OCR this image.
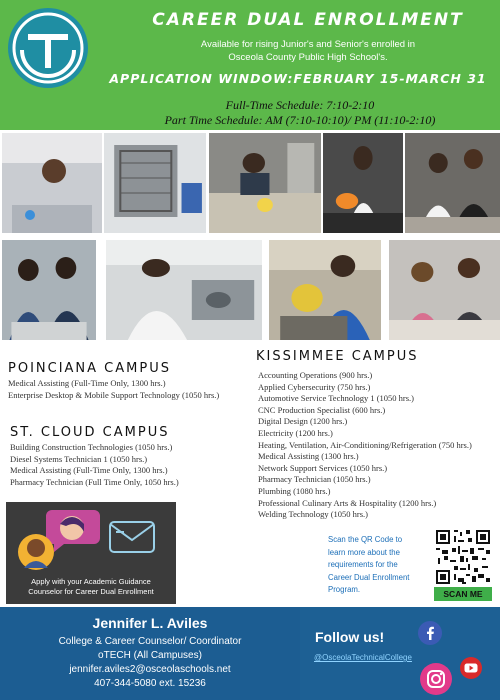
CAREER DUAL ENROLLMENT
Available for rising Junior's and Senior's enrolled in
Osceola County Public High School's.
APPLICATION WINDOW:FEBRUARY 15-MARCH 31
Full-Time Schedule: 7:10-2:10
Part Time Schedule: AM (7:10-10:10)/ PM (11:10-2:10)
POINCIANA CAMPUS
Medical Assisting (Full-Time Only, 1300 hrs.)
Enterprise Desktop & Mobile Support Technology (1050 hrs.)
ST. CLOUD CAMPUS
Building Construction Technologies (1050 hrs.)
Diesel Systems Technician 1 (1050 hrs.)
Medical Assisting (Full-Time Only, 1300 hrs.)
Pharmacy Technician (Full Time Only, 1050 hrs.)
KISSIMMEE CAMPUS
Accounting Operations (900 hrs.)
Applied Cybersecurity (750 hrs.)
Automotive Service Technology 1 (1050 hrs.)
CNC Production Specialist (600 hrs.)
Digital Design (1200 hrs.)
Electricity (1200 hrs.)
Heating, Ventilation, Air-Conditioning/Refrigeration (750 hrs.)
Medical Assisting (1300 hrs.)
Network Support Services (1050 hrs.)
Pharmacy Technician (1050 hrs.)
Plumbing (1080 hrs.)
Professional Culinary Arts & Hospitality (1200 hrs.)
Welding Technology (1050 hrs.)
Apply with your Academic Guidance
Counselor for Career Dual Enrollment
Scan the QR Code to
learn more about the
requirements for the
Career Dual Enrollment
Program.	SCAN ME
Jennifer L. Aviles
College & Career Counselor/ Coordinator
oTECH (All Campuses)
jennifer.aviles2@osceolaschools.net
407-344-5080 ext. 15236
Follow us!
@OsceolaTechnicalCollege
